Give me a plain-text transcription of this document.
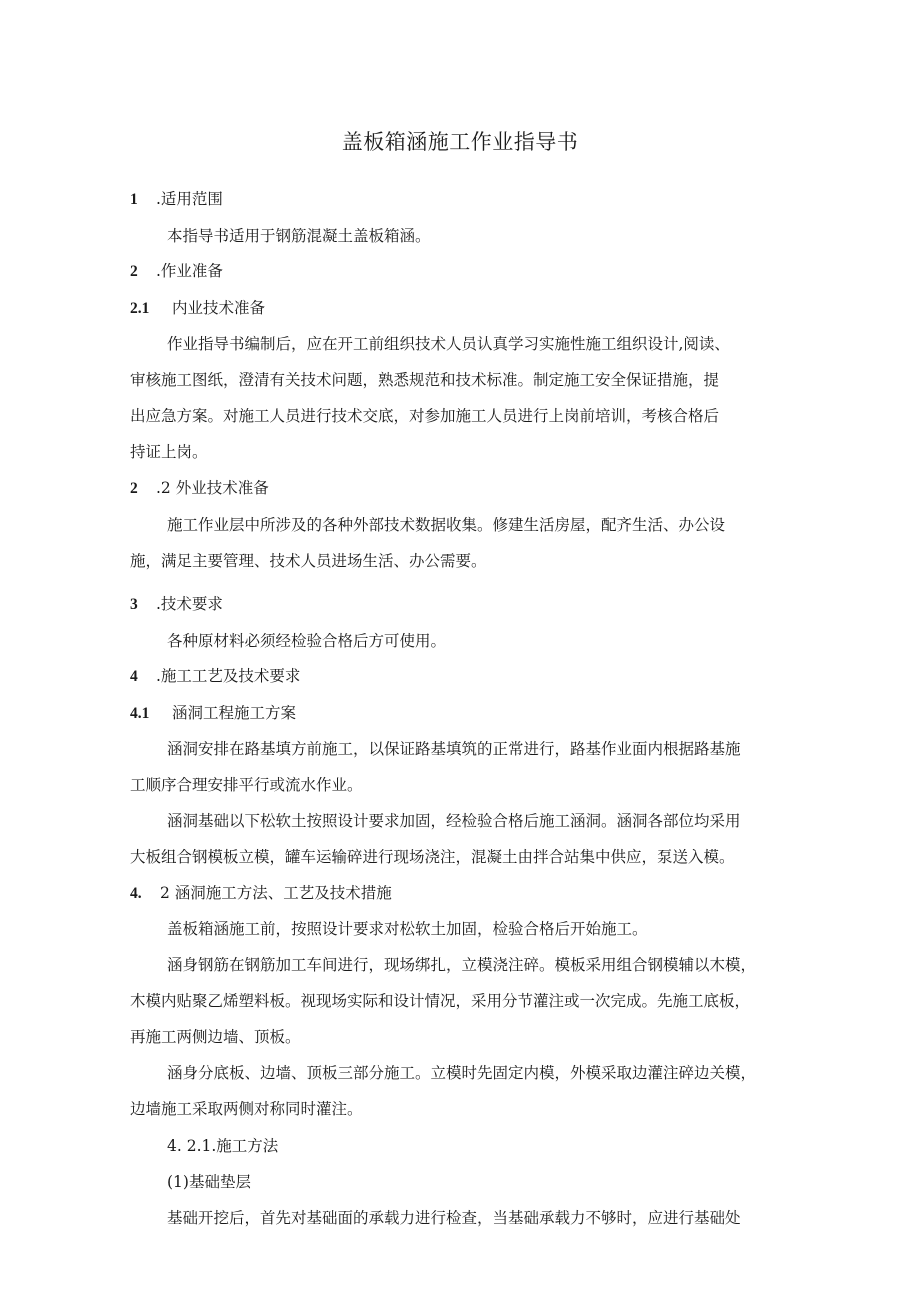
盖板箱涵施工作业指导书
1 .适用范围
本指导书适用于钢筋混凝土盖板箱涵。
2 .作业准备
2.1 内业技术准备
作业指导书编制后，应在开工前组织技术人员认真学习实施性施工组织设计,阅读、
审核施工图纸，澄清有关技术问题，熟悉规范和技术标准。制定施工安全保证措施，提
出应急方案。对施工人员进行技术交底，对参加施工人员进行上岗前培训，考核合格后
持证上岗。
2 .2 外业技术准备
施工作业层中所涉及的各种外部技术数据收集。修建生活房屋，配齐生活、办公设
施，满足主要管理、技术人员进场生活、办公需要。
3 .技术要求
各种原材料必须经检验合格后方可使用。
4 .施工工艺及技术要求
4.1 涵洞工程施工方案
涵洞安排在路基填方前施工，以保证路基填筑的正常进行，路基作业面内根据路基施
工顺序合理安排平行或流水作业。
涵洞基础以下松软土按照设计要求加固，经检验合格后施工涵洞。涵洞各部位均采用
大板组合钢模板立模，罐车运输碎进行现场浇注，混凝土由拌合站集中供应，泵送入模。
4. 2 涵洞施工方法、工艺及技术措施
盖板箱涵施工前，按照设计要求对松软土加固，检验合格后开始施工。
涵身钢筋在钢筋加工车间进行，现场绑扎，立模浇注碎。模板采用组合钢模辅以木模，
木模内贴聚乙烯塑料板。视现场实际和设计情况，采用分节灌注或一次完成。先施工底板，
再施工两侧边墙、顶板。
涵身分底板、边墙、顶板三部分施工。立模时先固定内模，外模采取边灌注碎边关模，
边墙施工采取两侧对称同时灌注。
4. 2.1.施工方法
(1)基础垫层
基础开挖后，首先对基础面的承载力进行检查，当基础承载力不够时，应进行基础处
